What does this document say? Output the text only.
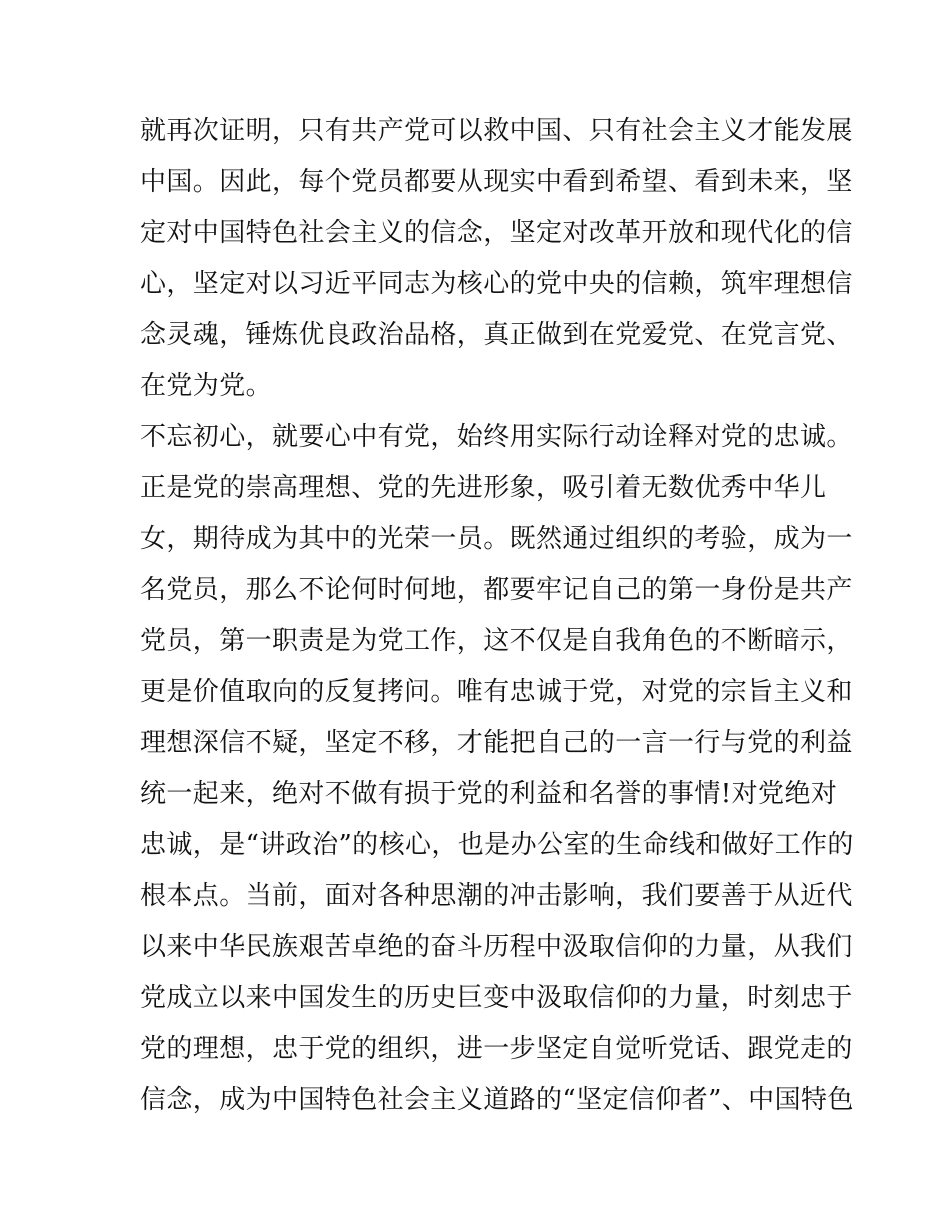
就再次证明，只有共产党可以救中国、只有社会主义才能发展
中国。因此，每个党员都要从现实中看到希望、看到未来，坚
定对中国特色社会主义的信念，坚定对改革开放和现代化的信
心，坚定对以习近平同志为核心的党中央的信赖，筑牢理想信
念灵魂，锤炼优良政治品格，真正做到在党爱党、在党言党、
在党为党。
不忘初心，就要心中有党，始终用实际行动诠释对党的忠诚。
正是党的崇高理想、党的先进形象，吸引着无数优秀中华儿
女，期待成为其中的光荣一员。既然通过组织的考验，成为一
名党员，那么不论何时何地，都要牢记自己的第一身份是共产
党员，第一职责是为党工作，这不仅是自我角色的不断暗示，
更是价值取向的反复拷问。唯有忠诚于党，对党的宗旨主义和
理想深信不疑，坚定不移，才能把自己的一言一行与党的利益
统一起来，绝对不做有损于党的利益和名誉的事情!对党绝对
忠诚，是“讲政治”的核心，也是办公室的生命线和做好工作的
根本点。当前，面对各种思潮的冲击影响，我们要善于从近代
以来中华民族艰苦卓绝的奋斗历程中汲取信仰的力量，从我们
党成立以来中国发生的历史巨变中汲取信仰的力量，时刻忠于
党的理想，忠于党的组织，进一步坚定自觉听党话、跟党走的
信念，成为中国特色社会主义道路的“坚定信仰者”、中国特色
